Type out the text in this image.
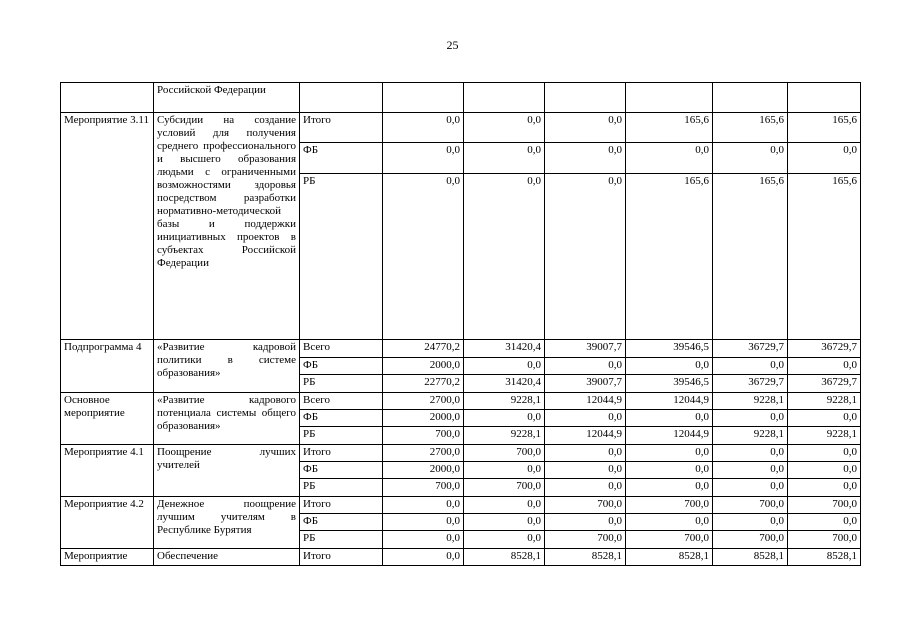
25
	Российской Федерации							
Мероприятие 3.11	Субсидии на создание условий для получения среднего профессионального и высшего образования людьми с ограниченными возможностями здоровья посредством разработки нормативно-методической базы и поддержки инициативных проектов в субъектах Российской Федерации	Итого	0,0	0,0	0,0	165,6	165,6	165,6
		ФБ	0,0	0,0	0,0	0,0	0,0	0,0
		РБ	0,0	0,0	0,0	165,6	165,6	165,6
Подпрограмма 4	«Развитие кадровой политики в системе образования»	Всего	24770,2	31420,4	39007,7	39546,5	36729,7	36729,7
		ФБ	2000,0	0,0	0,0	0,0	0,0	0,0
		РБ	22770,2	31420,4	39007,7	39546,5	36729,7	36729,7
Основное мероприятие	«Развитие кадрового потенциала системы общего образования»	Всего	2700,0	9228,1	12044,9	12044,9	9228,1	9228,1
		ФБ	2000,0	0,0	0,0	0,0	0,0	0,0
		РБ	700,0	9228,1	12044,9	12044,9	9228,1	9228,1
Мероприятие 4.1	Поощрение лучших учителей	Итого	2700,0	700,0	0,0	0,0	0,0	0,0
		ФБ	2000,0	0,0	0,0	0,0	0,0	0,0
		РБ	700,0	700,0	0,0	0,0	0,0	0,0
Мероприятие 4.2	Денежное поощрение лучшим учителям в Республике Бурятия	Итого	0,0	0,0	700,0	700,0	700,0	700,0
		ФБ	0,0	0,0	0,0	0,0	0,0	0,0
		РБ	0,0	0,0	700,0	700,0	700,0	700,0
Мероприятие	Обеспечение	Итого	0,0	8528,1	8528,1	8528,1	8528,1	8528,1
